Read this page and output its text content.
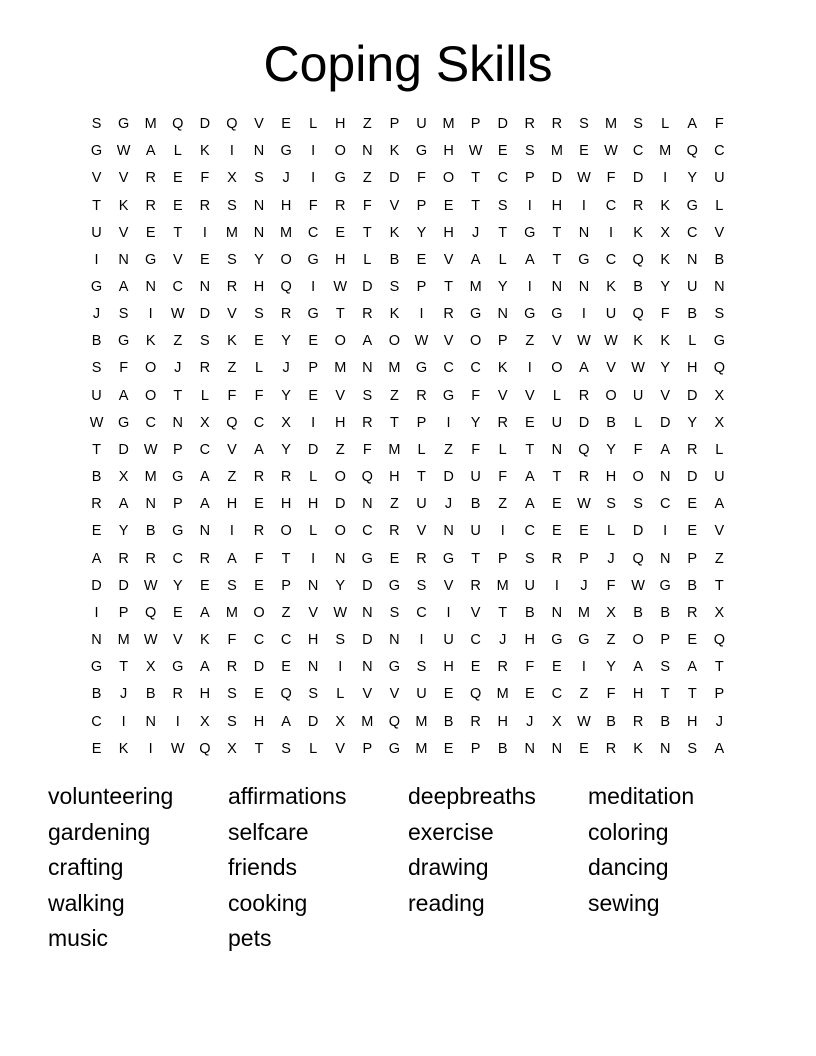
Coping Skills
S	G	M	Q	D	Q	V	E	L	H	Z	P	U	M	P	D	R	R	S	M	S	L	A	F
G	W	A	L	K	I	N	G	I	O	N	K	G	H	W	E	S	M	E	W	C	M	Q	C
V	V	R	E	F	X	S	J	I	G	Z	D	F	O	T	C	P	D	W	F	D	I	Y	U
T	K	R	E	R	S	N	H	F	R	F	V	P	E	T	S	I	H	I	C	R	K	G	L
U	V	E	T	I	M	N	M	C	E	T	K	Y	H	J	T	G	T	N	I	K	X	C	V
I	N	G	V	E	S	Y	O	G	H	L	B	E	V	A	L	A	T	G	C	Q	K	N	B
G	A	N	C	N	R	H	Q	I	W	D	S	P	T	M	Y	I	N	N	K	B	Y	U	N
J	S	I	W	D	V	S	R	G	T	R	K	I	R	G	N	G	G	I	U	Q	F	B	S
B	G	K	Z	S	K	E	Y	E	O	A	O	W	V	O	P	Z	V	W W	K	K	L	G
S	F	O	J	R	Z	L	J	P	M	N	M	G	C	C	K	I	O	A	V	W	Y	H	Q
U	A	O	T	L	F	F	Y	E	V	S	Z	R	G	F	V	V	L	R	O	U	V	D	X
W	G	C	N	X	Q	C	X	I	H	R	T	P	I	Y	R	E	U	D	B	L	D	Y	X
T	D	W	P	C	V	A	Y	D	Z	F	M	L	Z	F	L	T	N	Q	Y	F	A	R	L
B	X	M	G	A	Z	R	R	L	O	Q	H	T	D	U	F	A	T	R	H	O	N	D	U
R	A	N	P	A	H	E	H	H	D	N	Z	U	J	B	Z	A	E	W	S	S	C	E	A
E	Y	B	G	N	I	R	O	L	O	C	R	V	N	U	I	C	E	E	L	D	I	E	V
A	R	R	C	R	A	F	T	I	N	G	E	R	G	T	P	S	R	P	J	Q	N	P	Z
D	D	W	Y	E	S	E	P	N	Y	D	G	S	V	R	M	U	I	J	F	W	G	B	T
I	P	Q	E	A	M	O	Z	V	W	N	S	C	I	V	T	B	N	M	X	B	B	R	X
N	M W	V	K	F	C	C	H	S	D	N	I	U	C	J	H	G	G	Z	O	P	E	Q
G	T	X	G	A	R	D	E	N	I	N	G	S	H	E	R	F	E	I	Y	A	S	A	T
B	J	B	R	H	S	E	Q	S	L	V	V	U	E	Q	M	E	C	Z	F	H	T	T	P
C	I	N	I	X	S	H	A	D	X	M	Q	M	B	R	H	J	X	W	B	R	B	H	J
E	K	I	W	Q	X	T	S	L	V	P	G	M	E	P	B	N	N	E	R	K	N	S	A
volunteering	affirmations	deepbreaths	meditation
gardening	selfcare	exercise	coloring
crafting	friends	drawing	dancing
walking	cooking	reading	sewing
music	pets
